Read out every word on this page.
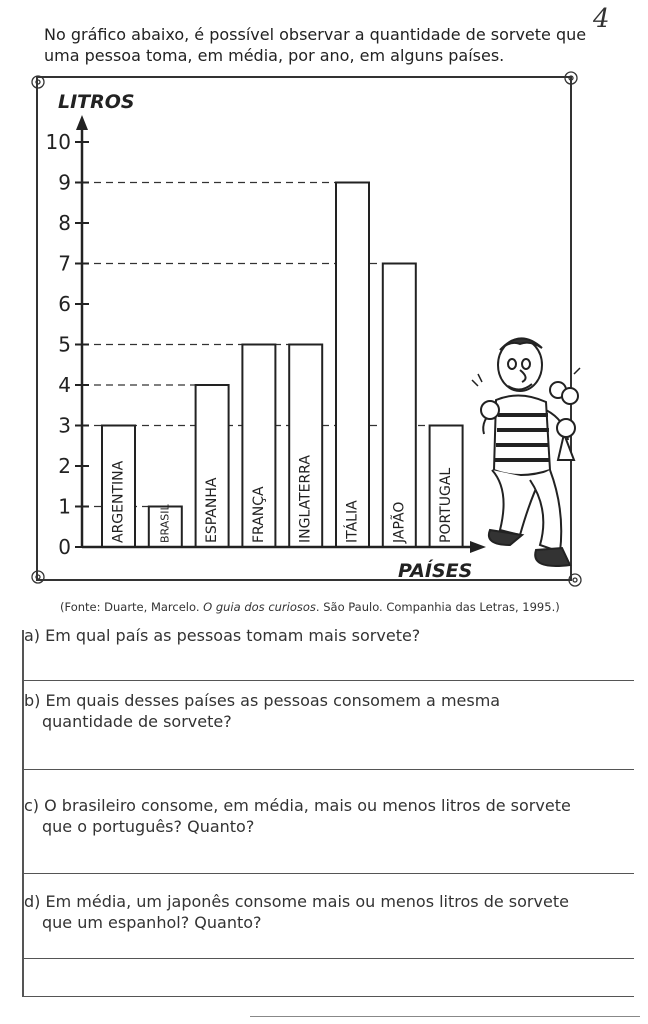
4
No gráfico abaixo, é possível observar a quantidade de sorvete que
uma pessoa toma, em média, por ano, em alguns países.
ARGENTINA	BRASIL ESPANHA FRANÇA INGLATERRA ITÁLIA JAPÃO PORTUGAL
0
1
2
3
4
5
6
7
8
9
10
LITROS
PAÍSES
(Fonte: Duarte, Marcelo. O guia dos curiosos. São Paulo. Companhia das Letras, 1995.)
a) Em qual país as pessoas tomam mais sorvete?
b) Em quais desses países as pessoas consomem a mesma
quantidade de sorvete?
c) O brasileiro consome, em média, mais ou menos litros de sorvete
que o português? Quanto?
d) Em média, um japonês consome mais ou menos litros de sorvete
que um espanhol? Quanto?
